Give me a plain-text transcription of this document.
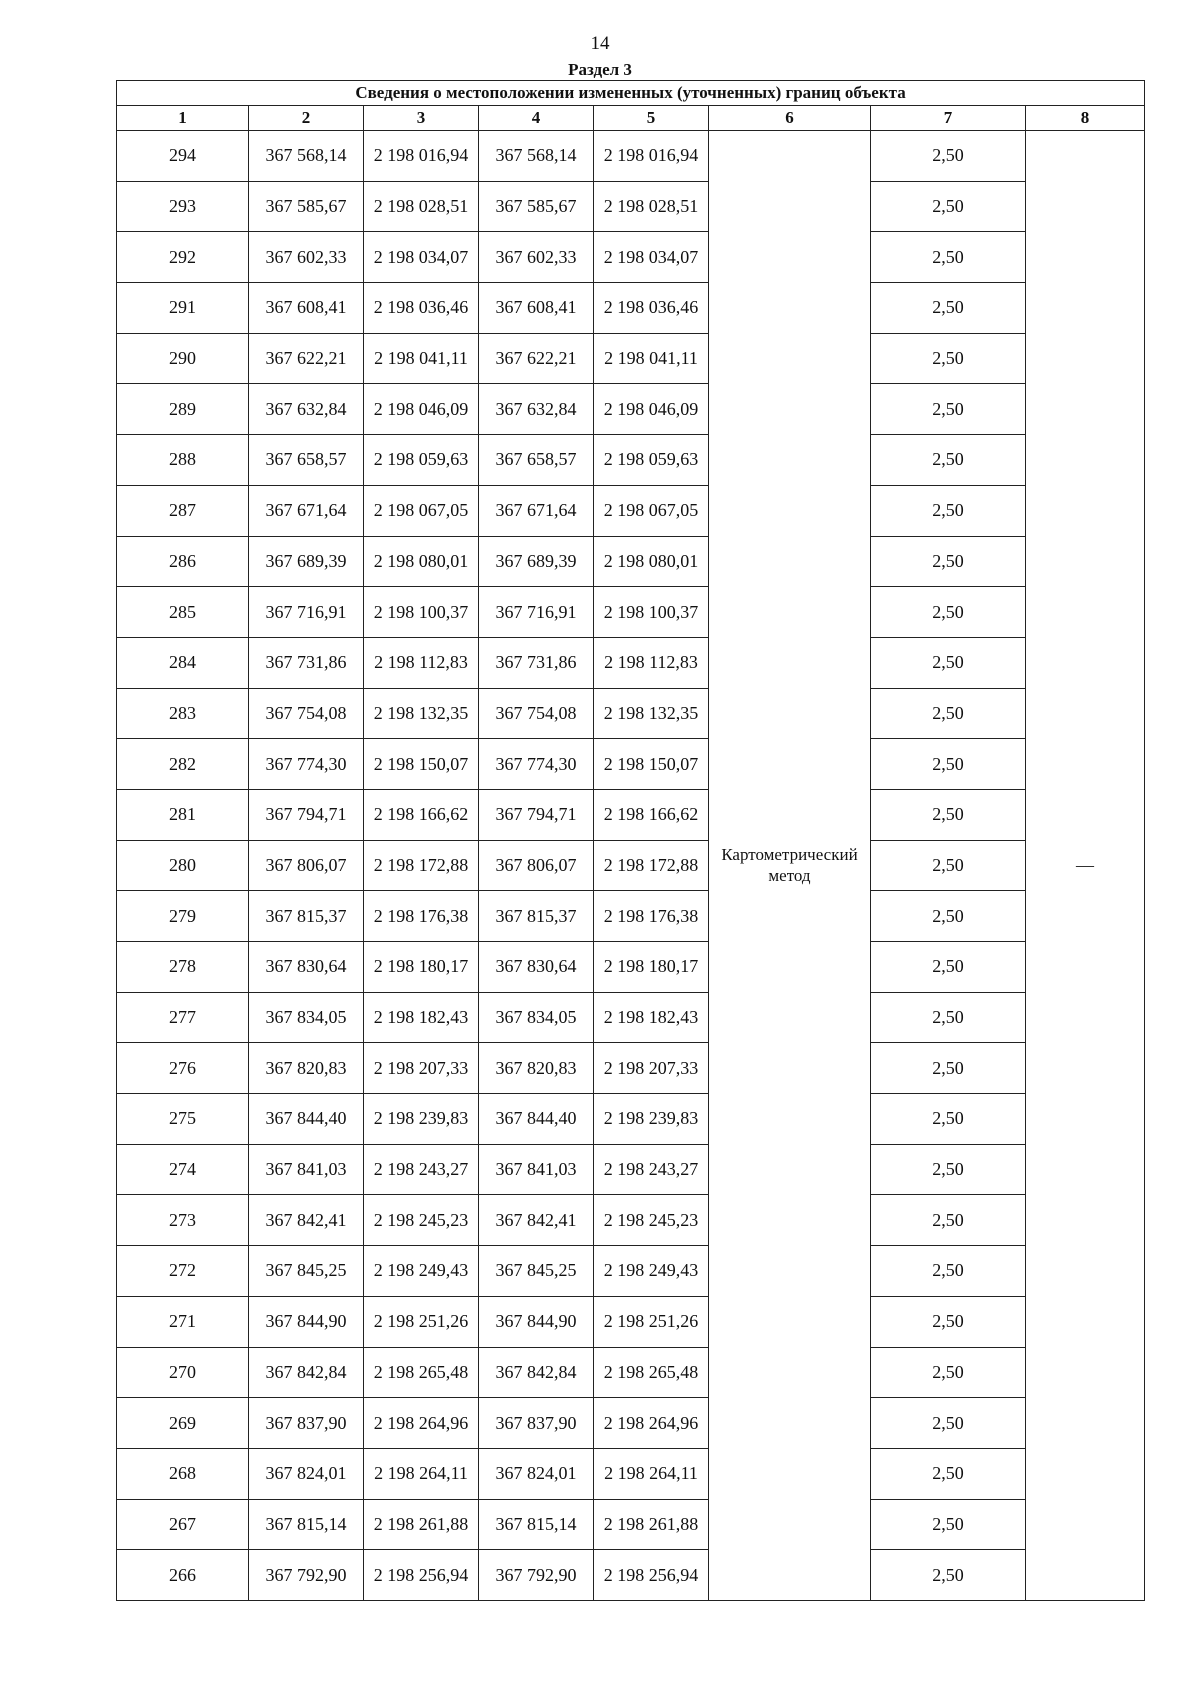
14
Раздел 3
Сведения о местоположении измененных (уточненных) границ объекта							
1	2	3	4	5	6	7	8
294	367 568,14	2 198 016,94	367 568,14	2 198 016,94	Картометрический метод	2,50	—
293	367 585,67	2 198 028,51	367 585,67	2 198 028,51		2,50	
292	367 602,33	2 198 034,07	367 602,33	2 198 034,07		2,50	
291	367 608,41	2 198 036,46	367 608,41	2 198 036,46		2,50	
290	367 622,21	2 198 041,11	367 622,21	2 198 041,11		2,50	
289	367 632,84	2 198 046,09	367 632,84	2 198 046,09		2,50	
288	367 658,57	2 198 059,63	367 658,57	2 198 059,63		2,50	
287	367 671,64	2 198 067,05	367 671,64	2 198 067,05		2,50	
286	367 689,39	2 198 080,01	367 689,39	2 198 080,01		2,50	
285	367 716,91	2 198 100,37	367 716,91	2 198 100,37		2,50	
284	367 731,86	2 198 112,83	367 731,86	2 198 112,83		2,50	
283	367 754,08	2 198 132,35	367 754,08	2 198 132,35		2,50	
282	367 774,30	2 198 150,07	367 774,30	2 198 150,07		2,50	
281	367 794,71	2 198 166,62	367 794,71	2 198 166,62		2,50	
280	367 806,07	2 198 172,88	367 806,07	2 198 172,88		2,50	
279	367 815,37	2 198 176,38	367 815,37	2 198 176,38		2,50	
278	367 830,64	2 198 180,17	367 830,64	2 198 180,17		2,50	
277	367 834,05	2 198 182,43	367 834,05	2 198 182,43		2,50	
276	367 820,83	2 198 207,33	367 820,83	2 198 207,33		2,50	
275	367 844,40	2 198 239,83	367 844,40	2 198 239,83		2,50	
274	367 841,03	2 198 243,27	367 841,03	2 198 243,27		2,50	
273	367 842,41	2 198 245,23	367 842,41	2 198 245,23		2,50	
272	367 845,25	2 198 249,43	367 845,25	2 198 249,43		2,50	
271	367 844,90	2 198 251,26	367 844,90	2 198 251,26		2,50	
270	367 842,84	2 198 265,48	367 842,84	2 198 265,48		2,50	
269	367 837,90	2 198 264,96	367 837,90	2 198 264,96		2,50	
268	367 824,01	2 198 264,11	367 824,01	2 198 264,11		2,50	
267	367 815,14	2 198 261,88	367 815,14	2 198 261,88		2,50	
266	367 792,90	2 198 256,94	367 792,90	2 198 256,94		2,50	
